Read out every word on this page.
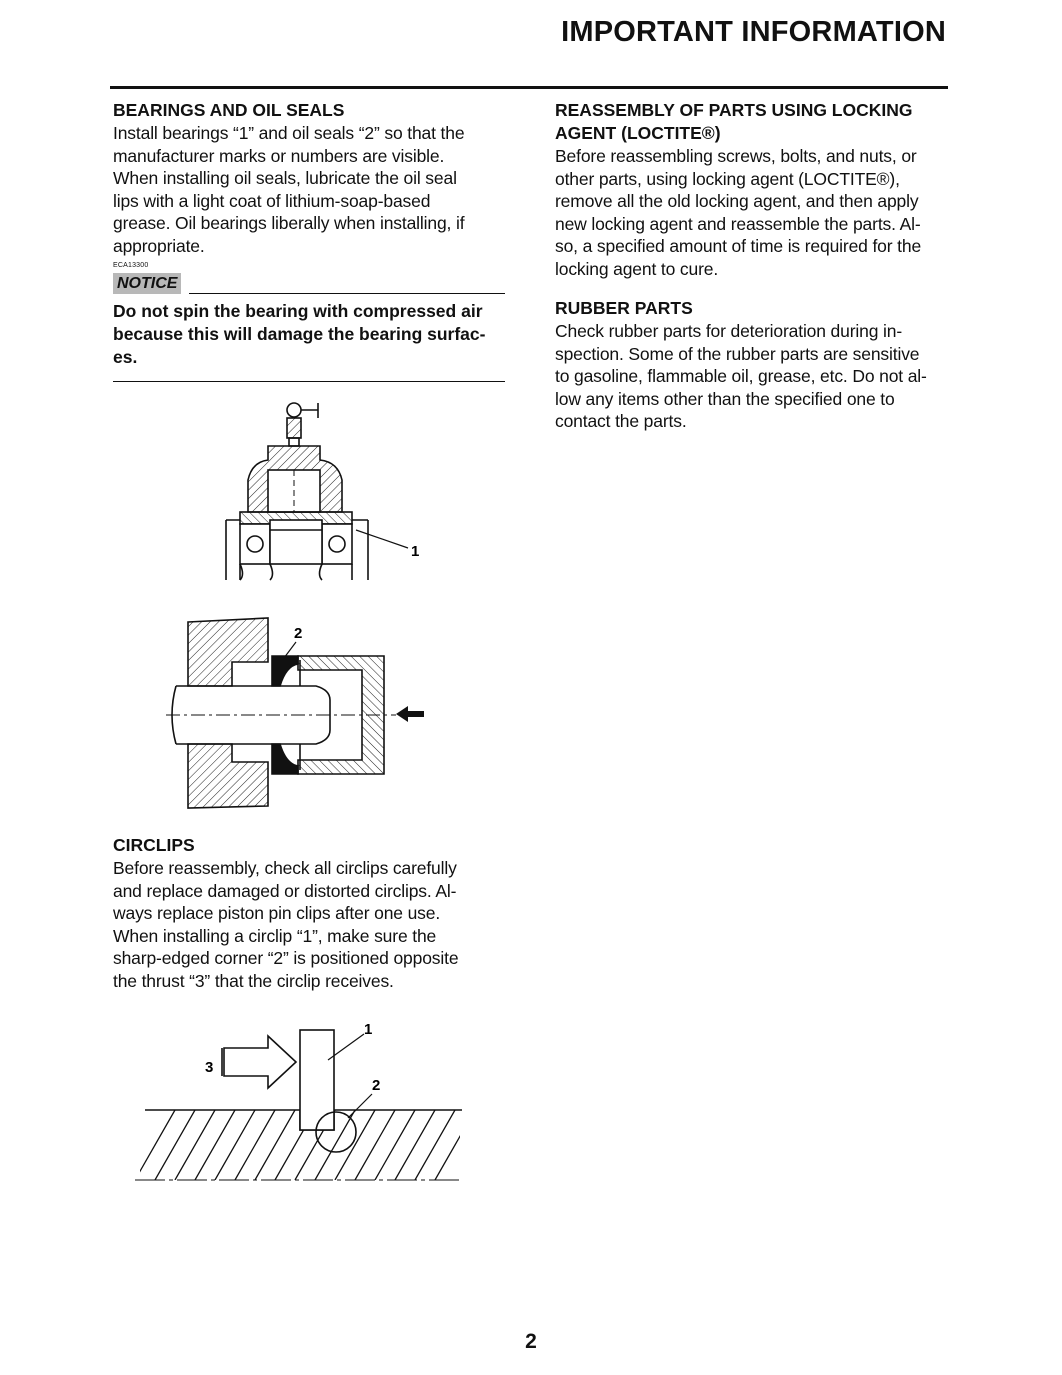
IMPORTANT INFORMATION
BEARINGS AND OIL SEALS

Install bearings “1” and oil seals “2” so that the
manufacturer marks or numbers are visible.
When installing oil seals, lubricate the oil seal
lips with a light coat of lithium-soap-based
grease. Oil bearings liberally when installing, if
appropriate.

ECA13300
NOTICE

Do not spin the bearing with compressed air
because this will damage the bearing surfac-
es.

1
2
CIRCLIPS

Before reassembly, check all circlips carefully
and replace damaged or distorted circlips. Al-
ways replace piston pin clips after one use.
When installing a circlip “1”, make sure the
sharp-edged corner “2” is positioned opposite
the thrust “3” that the circlip receives.

1
2
3
REASSEMBLY OF PARTS USING LOCKING
AGENT (LOCTITE®)

Before reassembling screws, bolts, and nuts, or
other parts, using locking agent (LOCTITE®),
remove all the old locking agent, and then apply
new locking agent and reassemble the parts. Al-
so, a specified amount of time is required for the
locking agent to cure.

RUBBER PARTS

Check rubber parts for deterioration during in-
spection. Some of the rubber parts are sensitive
to gasoline, flammable oil, grease, etc. Do not al-
low any items other than the specified one to
contact the parts.

2
